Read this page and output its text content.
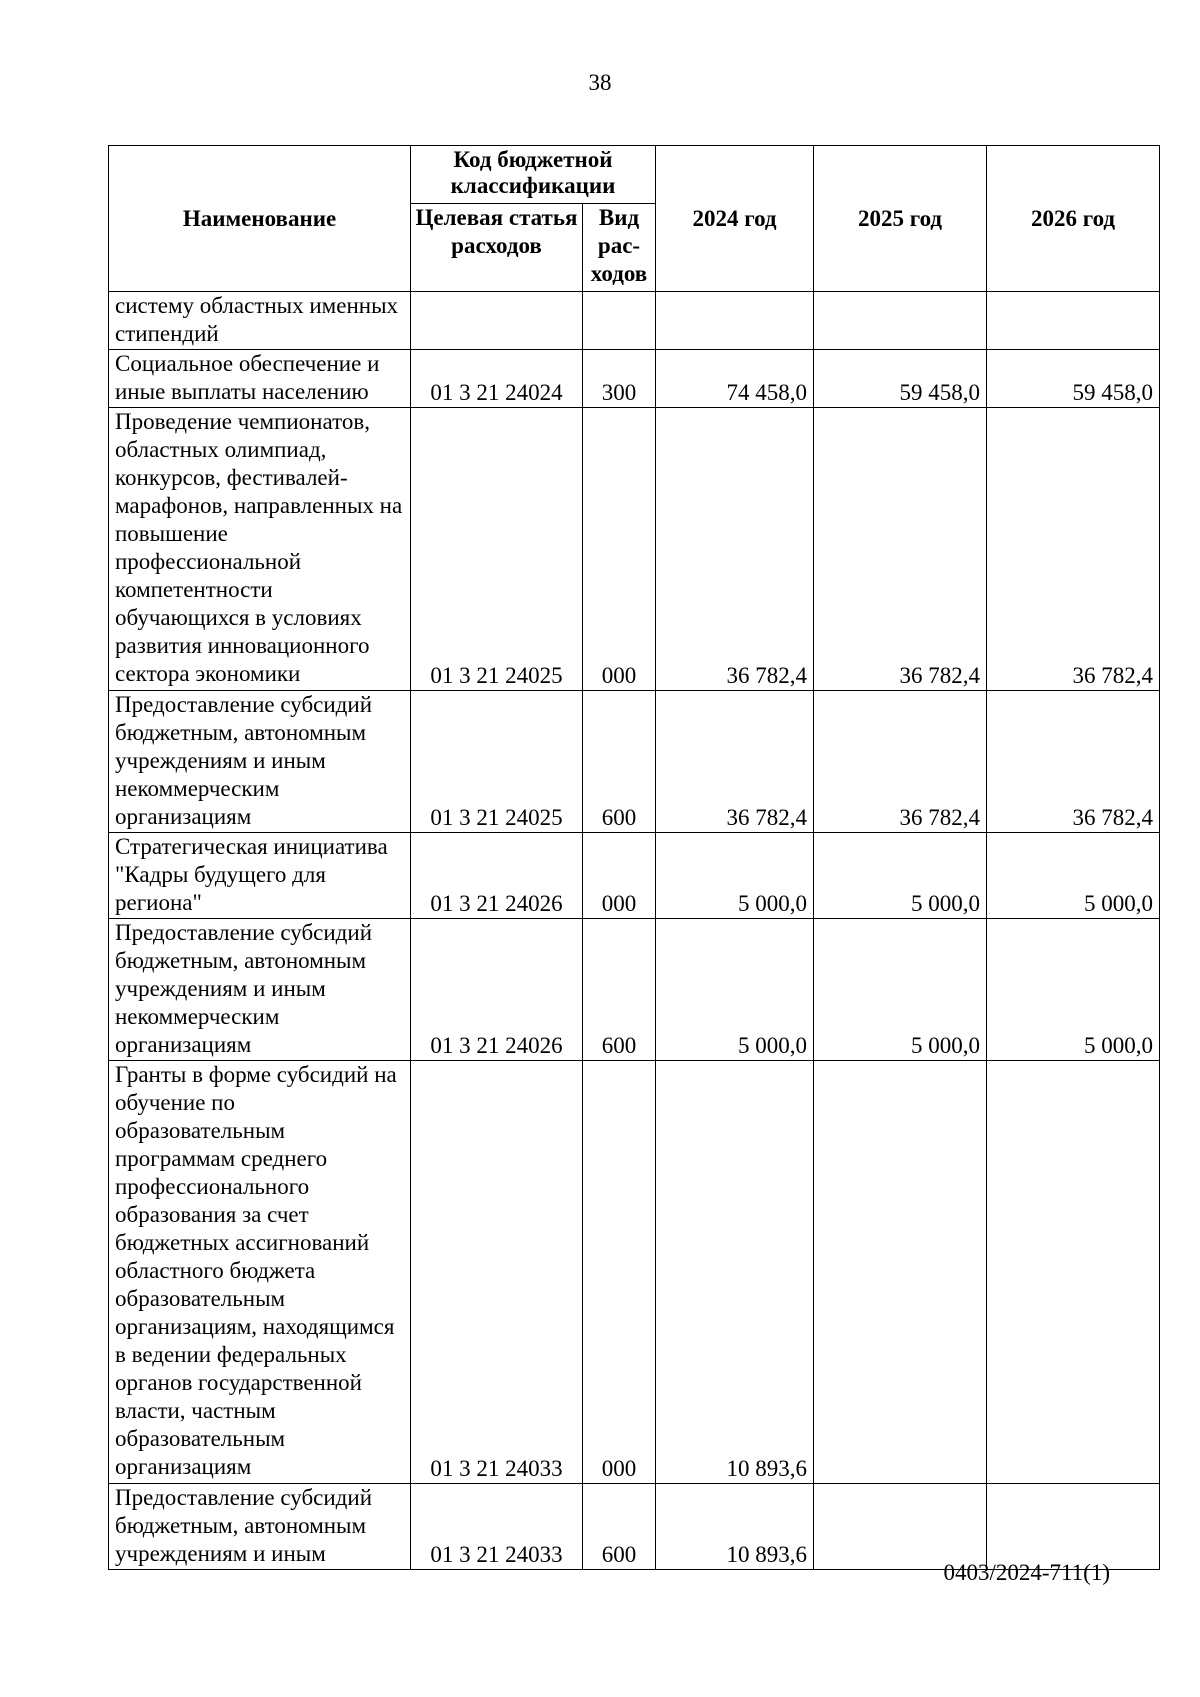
38
Наименование	Код бюджетной классификации		2024 год	2025 год	2026 год
	Целевая статья расходов	Вид рас-ходов			
систему областных именных стипендий					
Социальное обеспечение и иные выплаты населению	01 3 21 24024	300	74 458,0	59 458,0	59 458,0
Проведение чемпионатов, областных олимпиад, конкурсов, фестивалей-марафонов, направленных на повышение профессиональной компетентности обучающихся в условиях развития инновационного сектора экономики	01 3 21 24025	000	36 782,4	36 782,4	36 782,4
Предоставление субсидий бюджетным, автономным учреждениям и иным некоммерческим организациям	01 3 21 24025	600	36 782,4	36 782,4	36 782,4
Стратегическая инициатива "Кадры будущего для региона"	01 3 21 24026	000	5 000,0	5 000,0	5 000,0
Предоставление субсидий бюджетным, автономным учреждениям и иным некоммерческим организациям	01 3 21 24026	600	5 000,0	5 000,0	5 000,0
Гранты в форме субсидий на обучение по образовательным программам среднего профессионального образования за счет бюджетных ассигнований областного бюджета образовательным организациям, находящимся в ведении федеральных органов государственной власти, частным образовательным организациям	01 3 21 24033	000	10 893,6		
Предоставление субсидий бюджетным, автономным учреждениям и иным	01 3 21 24033	600	10 893,6		
0403/2024-711(1)
